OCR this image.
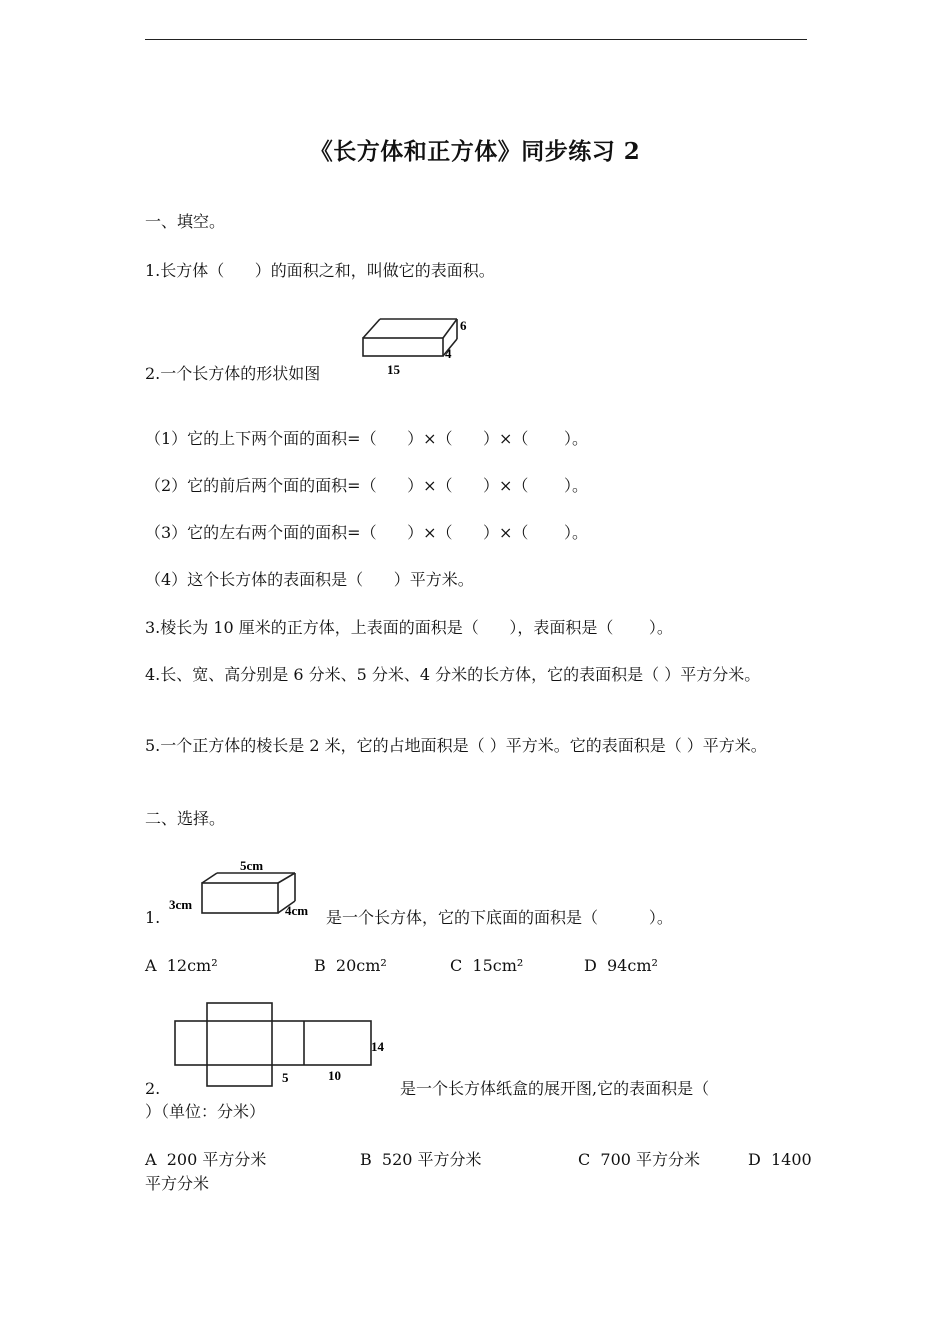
《长方体和正方体》同步练习 2
一、填空。
1.长方体（      ）的面积之和，叫做它的表面积。
6
4
15
2.一个长方体的形状如图
（1）它的上下两个面的面积=（      ）×（      ）×（       ）。
（2）它的前后两个面的面积=（      ）×（      ）×（       ）。
（3）它的左右两个面的面积=（      ）×（      ）×（       ）。
（4）这个长方体的表面积是（      ）平方米。
3.棱长为 10 厘米的正方体，上表面的面积是（      ），表面积是（       ）。
4.长、宽、高分别是 6 分米、5 分米、4 分米的长方体，它的表面积是（ ）平方分米。
5.一个正方体的棱长是 2 米，它的占地面积是（ ）平方米。它的表面积是（ ）平方米。
二、选择。
5cm
3cm	4cm
1.	是一个长方体，它的下底面的面积是（          ）。
A  12cm²	B  20cm²	C  15cm²	D  94cm²
14
5	10
2.	是一个长方体纸盒的展开图,它的表面积是（
）（单位：分米）
A  200 平方分米	B  520 平方分米	C  700 平方分米	D  1400
平方分米
